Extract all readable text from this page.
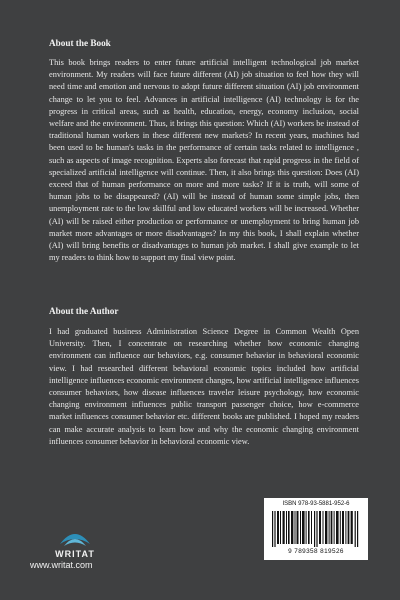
About the Book

This book brings readers to enter future artificial intelligent technological job market environment. My readers will face future different (AI) job situation to feel how they will need time and emotion and nervous to adopt future different situation (AI) job environment change to let you to feel. Advances in artificial intelligence (AI) technology is for the progress in critical areas, such as health, education, energy, economy inclusion, social welfare and the environment. Thus, it brings this question: Which (AI) workers be instead of traditional human workers in these different new markets? In recent years, machines had been used to be human's tasks in the performance of certain tasks related to intelligence , such as aspects of image recognition. Experts also forecast that rapid progress in the field of specialized artificial intelligence will continue. Then, it also brings this question: Does (AI) exceed that of human performance on more and more tasks? If it is truth, will some of human jobs to be disappeared? (AI) will be instead of human some simple jobs, then unemployment rate to the low skillful and low educated workers will be increased. Whether (AI) will be raised either production or performance or unemployment to bring human job market more advantages or more disadvantages? In my this book, I shall explain whether (AI) will bring benefits or disadvantages to human job market. I shall give example to let my readers to think how to support my final view point.

About the Author

I had graduated business Administration Science Degree in Common Wealth Open University. Then, I concentrate on researching whether how economic changing environment can influence our behaviors, e.g. consumer behavior in behavioral economic view. I had researched different behavioral economic topics included how artificial intelligence influences economic environment changes, how artificial intelligence influences consumer behaviors, how disease influences traveler leisure psychology, how economic changing environment influences public transport passenger choice, how e-commerce market influences consumer behavior etc. different books are published. I hoped my readers can make accurate analysis to learn how and why the economic changing environment influences consumer behavior in behavioral economic view.

ISBN 978-93-5881-952-6
9 789358 819526
WRITAT
www.writat.com
